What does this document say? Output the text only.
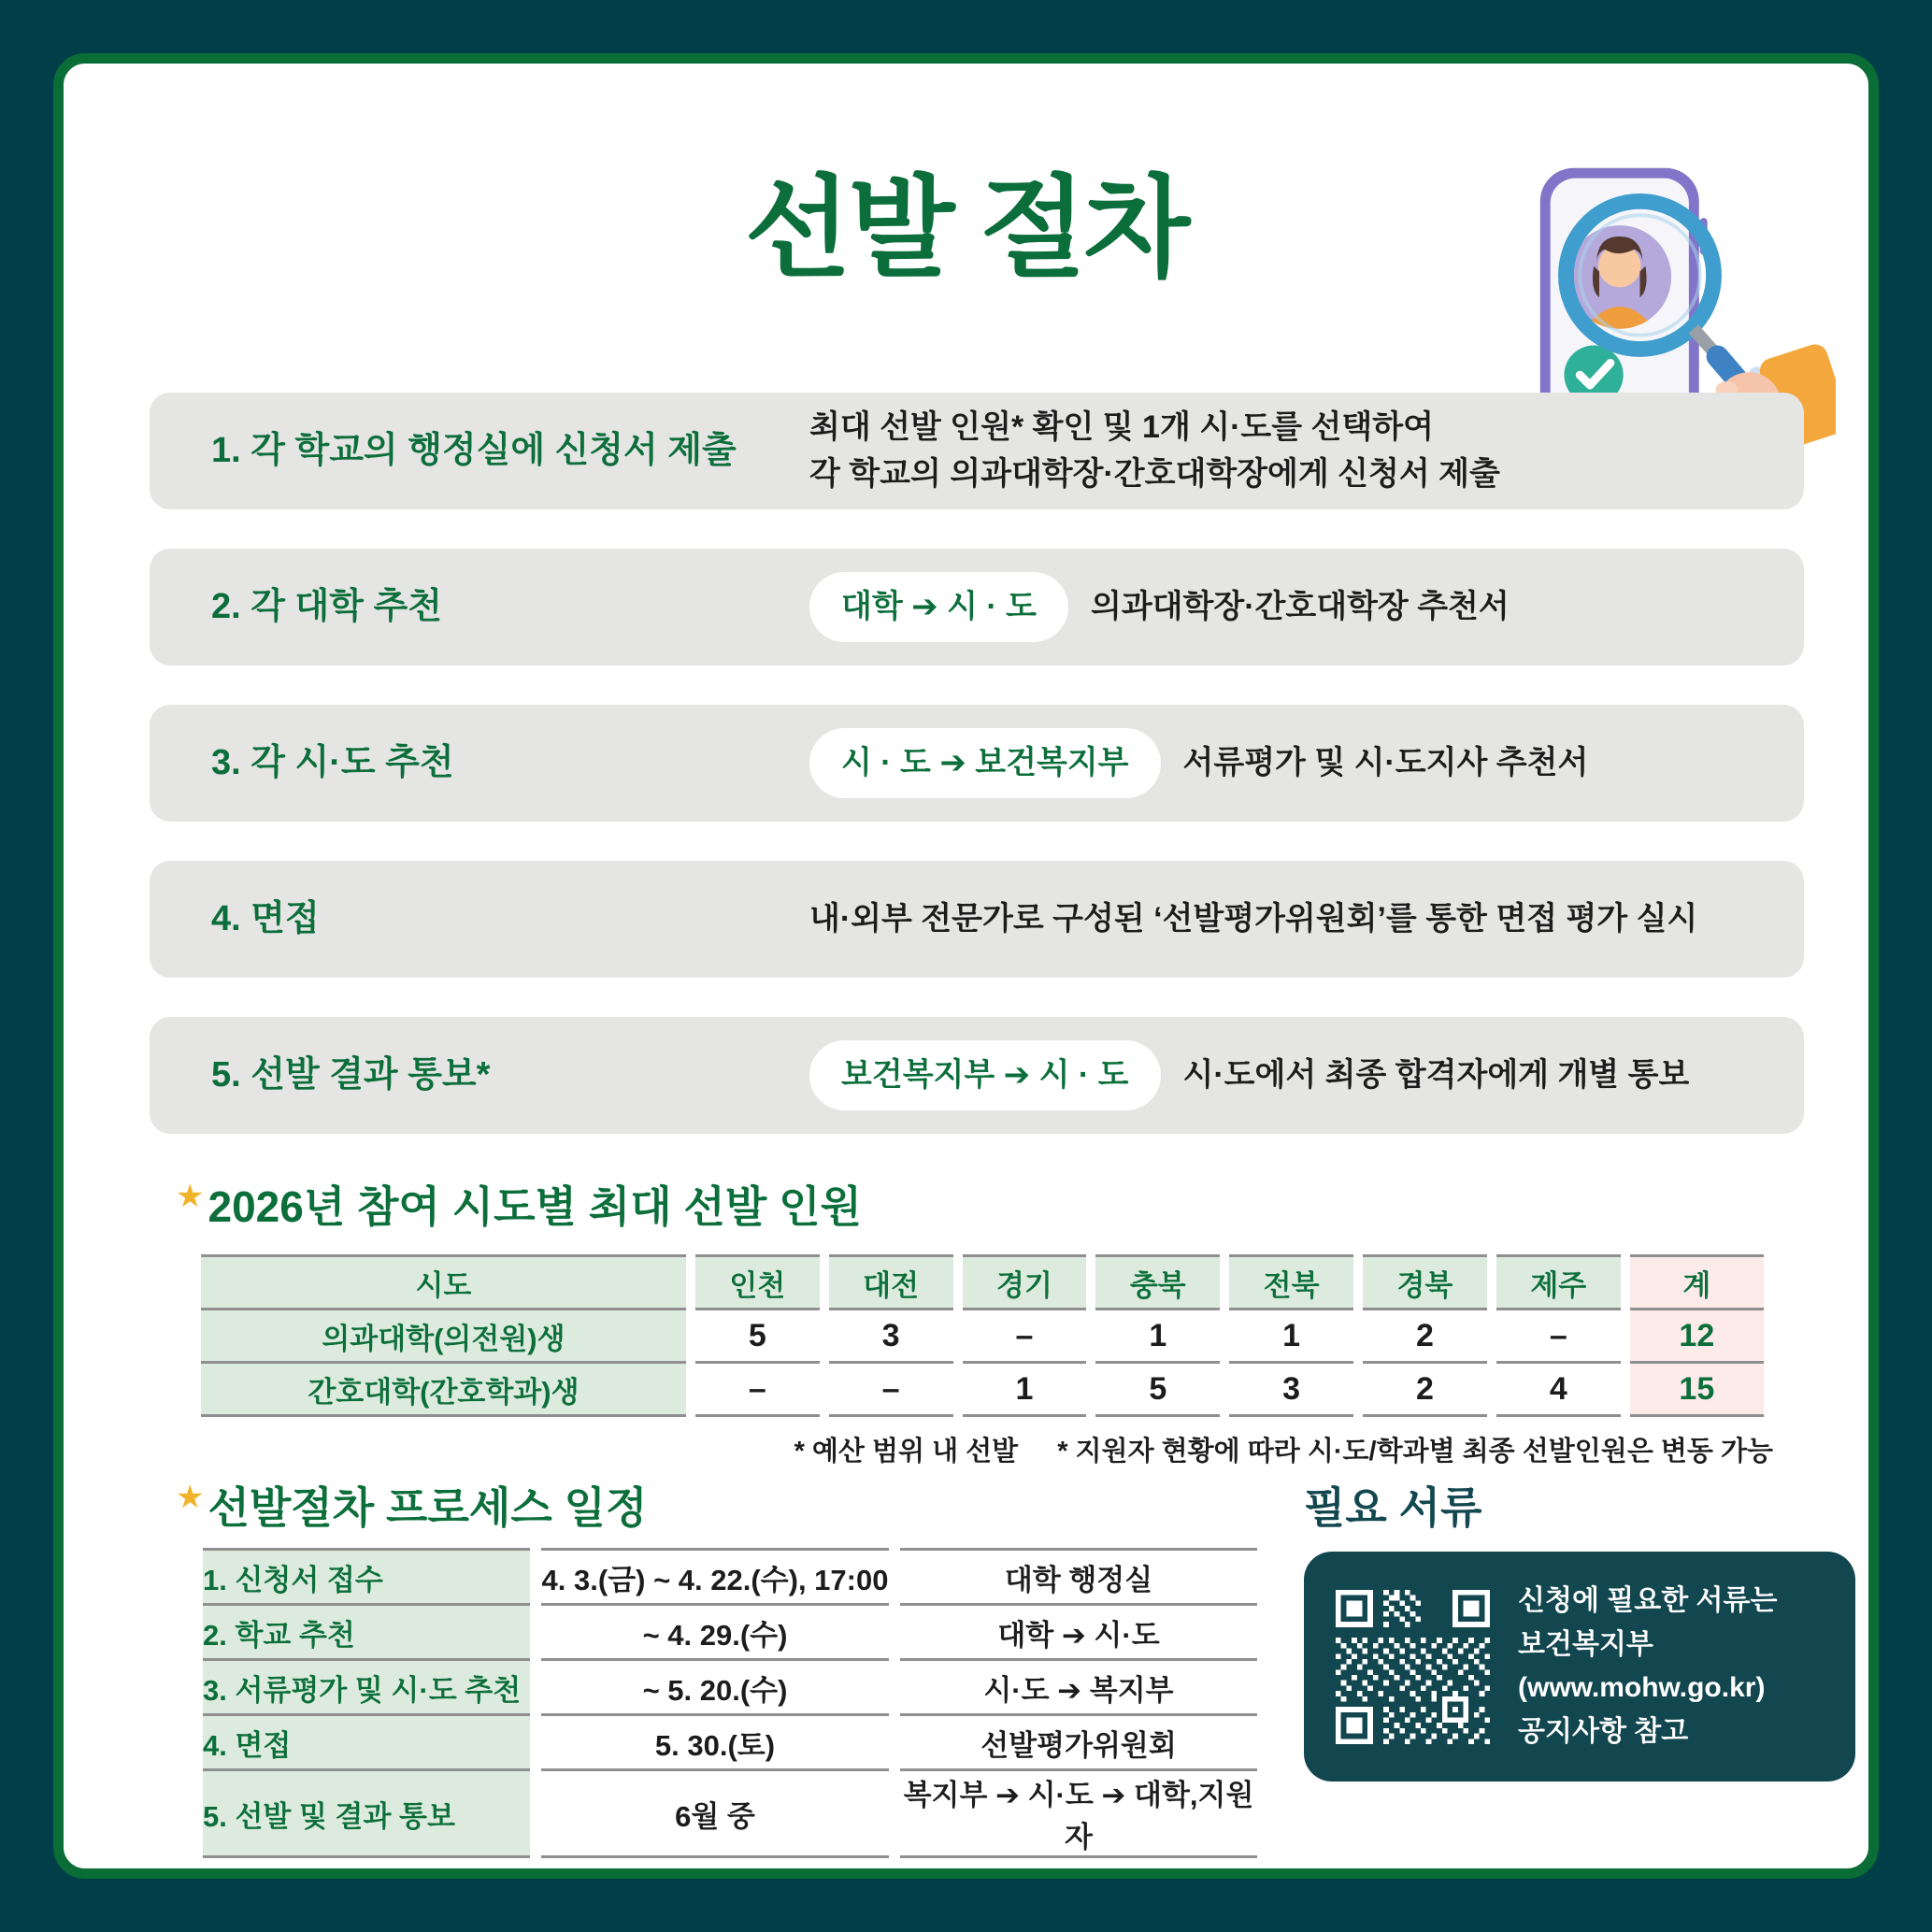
선발 절차
1. 각 학교의 행정실에 신청서 제출
최대 선발 인원* 확인 및 1개 시·도를 선택하여
각 학교의 의과대학장·간호대학장에게 신청서 제출
2. 각 대학 추천	대학 ➔ 시 · 도	의과대학장·간호대학장 추천서
3. 각 시·도 추천	시 · 도 ➔ 보건복지부	서류평가 및 시·도지사 추천서
4. 면접	내·외부 전문가로 구성된 ‘선발평가위원회’를 통한 면접 평가 실시
5. 선발 결과 통보*	보건복지부 ➔ 시 · 도	시·도에서 최종 합격자에게 개별 통보
★2026년 참여 시도별 최대 선발 인원
시도	인천	대전	경기	충북	전북	경북	제주	계
의과대학(의전원)생	5	3	–	1	1	2	–	12
간호대학(간호학과)생	–	–	1	5	3	2	4	15
* 예산 범위 내 선발 * 지원자 현황에 따라 시·도/학과별 최종 선발인원은 변동 가능
★선발절차 프로세스 일정
1. 신청서 접수	4. 3.(금) ~ 4. 22.(수), 17:00	대학 행정실
2. 학교 추천	~ 4. 29.(수)	대학 ➔ 시·도
3. 서류평가 및 시·도 추천	~ 5. 20.(수)	시·도 ➔ 복지부
4. 면접	5. 30.(토)	선발평가위원회
5. 선발 및 결과 통보	6월 중	복지부 ➔ 시·도 ➔ 대학,지원자
필요 서류
신청에 필요한 서류는
보건복지부
(www.mohw.go.kr)
공지사항 참고
